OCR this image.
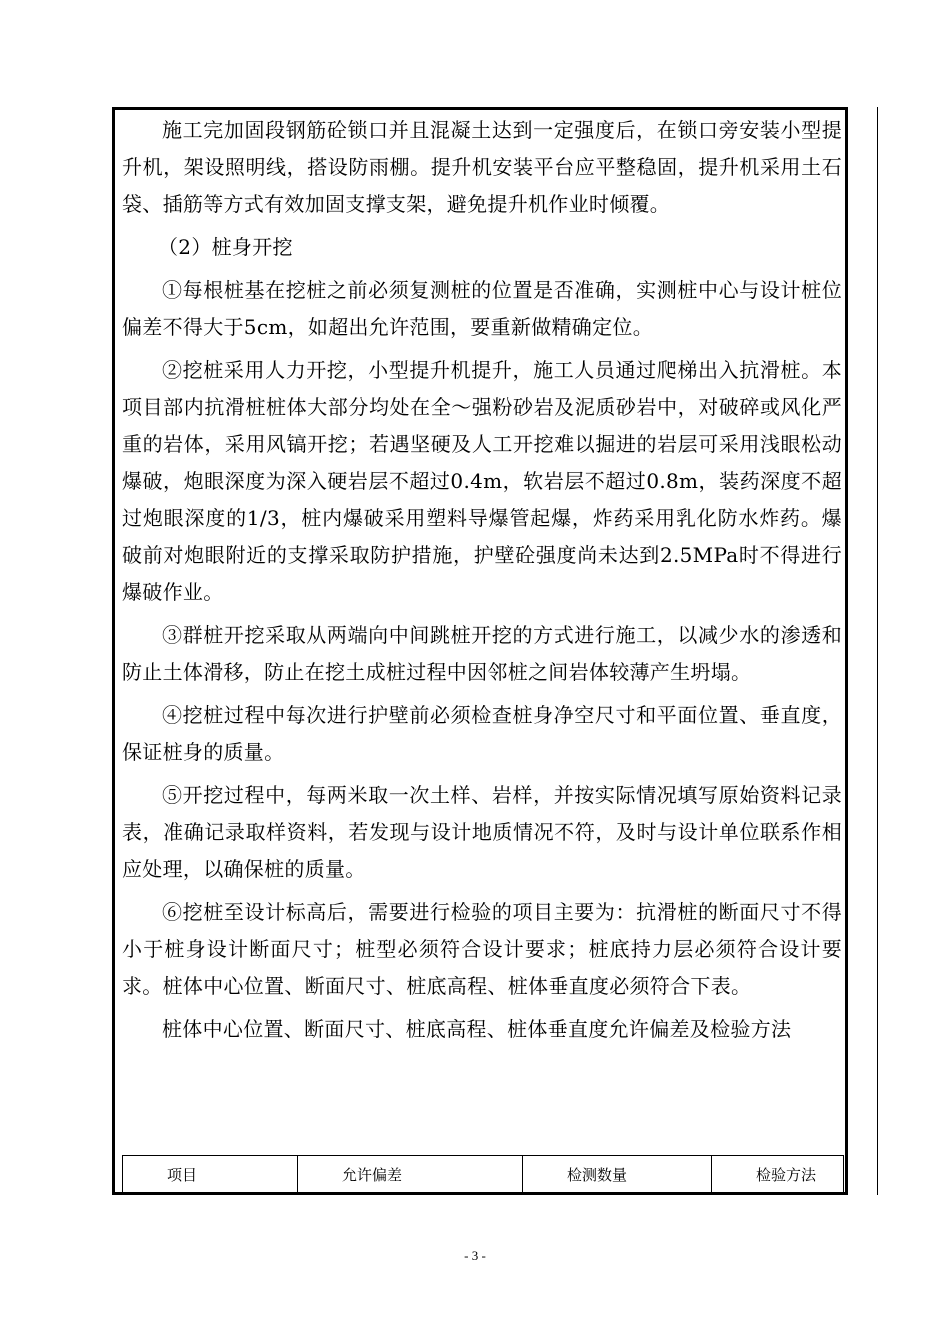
施工完加固段钢筋砼锁口并且混凝土达到一定强度后，在锁口旁安装小型提升机，架设照明线，搭设防雨棚。提升机安装平台应平整稳固，提升机采用土石袋、插筋等方式有效加固支撑支架，避免提升机作业时倾覆。

（2）桩身开挖

①每根桩基在挖桩之前必须复测桩的位置是否准确，实测桩中心与设计桩位偏差不得大于5cm，如超出允许范围，要重新做精确定位。

②挖桩采用人力开挖，小型提升机提升，施工人员通过爬梯出入抗滑桩。本项目部内抗滑桩桩体大部分均处在全～强粉砂岩及泥质砂岩中，对破碎或风化严重的岩体，采用风镐开挖；若遇坚硬及人工开挖难以掘进的岩层可采用浅眼松动爆破，炮眼深度为深入硬岩层不超过0.4m，软岩层不超过0.8m，装药深度不超过炮眼深度的1/3，桩内爆破采用塑料导爆管起爆，炸药采用乳化防水炸药。爆破前对炮眼附近的支撑采取防护措施，护壁砼强度尚未达到2.5MPa时不得进行爆破作业。

③群桩开挖采取从两端向中间跳桩开挖的方式进行施工，以减少水的渗透和防止土体滑移，防止在挖土成桩过程中因邻桩之间岩体较薄产生坍塌。

④挖桩过程中每次进行护壁前必须检查桩身净空尺寸和平面位置、垂直度，保证桩身的质量。

⑤开挖过程中，每两米取一次土样、岩样，并按实际情况填写原始资料记录表，准确记录取样资料，若发现与设计地质情况不符，及时与设计单位联系作相应处理，以确保桩的质量。

⑥挖桩至设计标高后，需要进行检验的项目主要为：抗滑桩的断面尺寸不得小于桩身设计断面尺寸；桩型必须符合设计要求；桩底持力层必须符合设计要求。桩体中心位置、断面尺寸、桩底高程、桩体垂直度必须符合下表。

桩体中心位置、断面尺寸、桩底高程、桩体垂直度允许偏差及检验方法

项目	允许偏差	检测数量	检验方法
- 3 -
